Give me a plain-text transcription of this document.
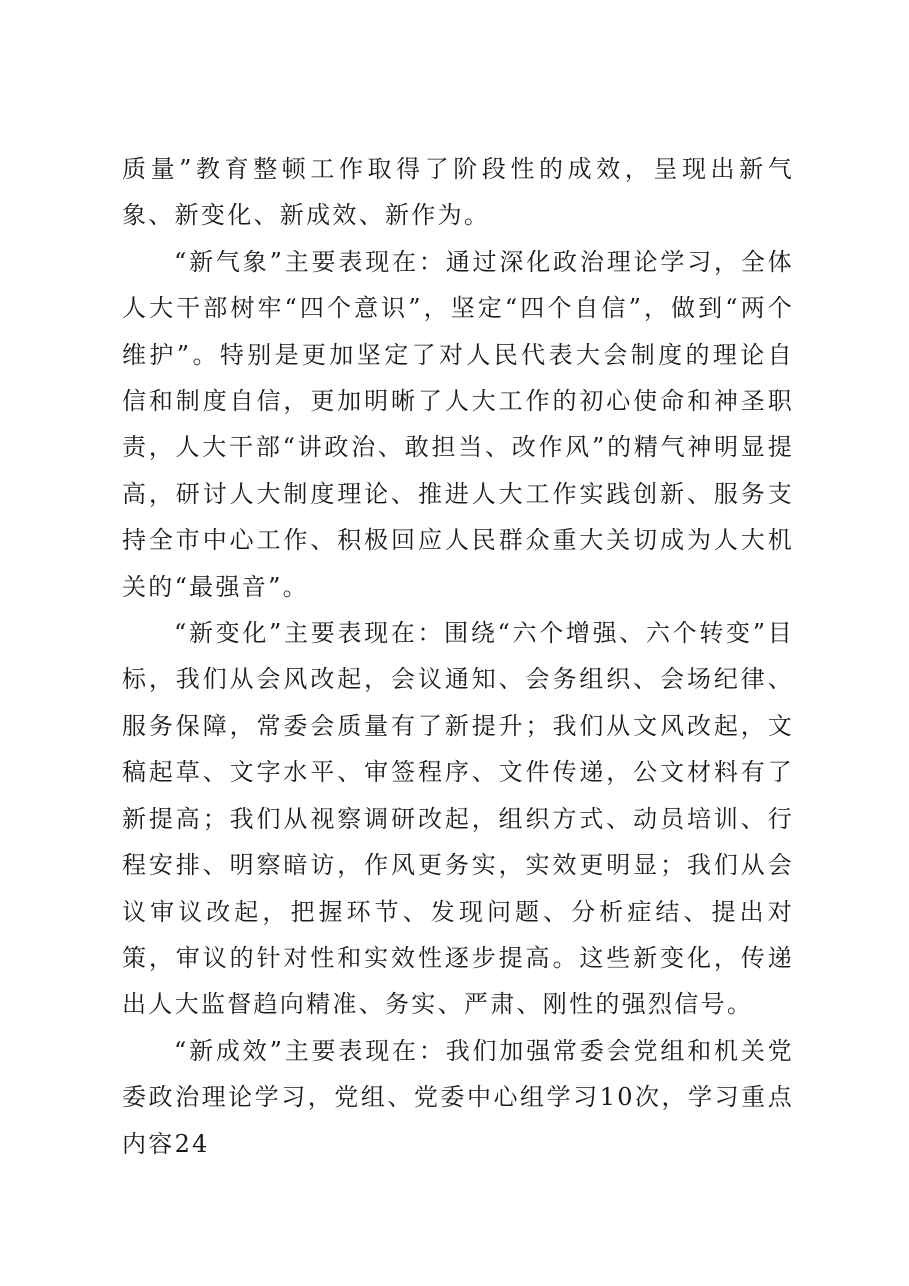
质量”教育整顿工作取得了阶段性的成效，呈现出新气象、新变化、新成效、新作为。

“新气象”主要表现在：通过深化政治理论学习，全体人大干部树牢“四个意识”，坚定“四个自信”，做到“两个维护”。特别是更加坚定了对人民代表大会制度的理论自信和制度自信，更加明晰了人大工作的初心使命和神圣职责，人大干部“讲政治、敢担当、改作风”的精气神明显提高，研讨人大制度理论、推进人大工作实践创新、服务支持全市中心工作、积极回应人民群众重大关切成为人大机关的“最强音”。

“新变化”主要表现在：围绕“六个增强、六个转变”目标，我们从会风改起，会议通知、会务组织、会场纪律、服务保障，常委会质量有了新提升；我们从文风改起，文稿起草、文字水平、审签程序、文件传递，公文材料有了新提高；我们从视察调研改起，组织方式、动员培训、行程安排、明察暗访，作风更务实，实效更明显；我们从会议审议改起，把握环节、发现问题、分析症结、提出对策，审议的针对性和实效性逐步提高。这些新变化，传递出人大监督趋向精准、务实、严肃、刚性的强烈信号。

“新成效”主要表现在：我们加强常委会党组和机关党委政治理论学习，党组、党委中心组学习10次，学习重点内容24
